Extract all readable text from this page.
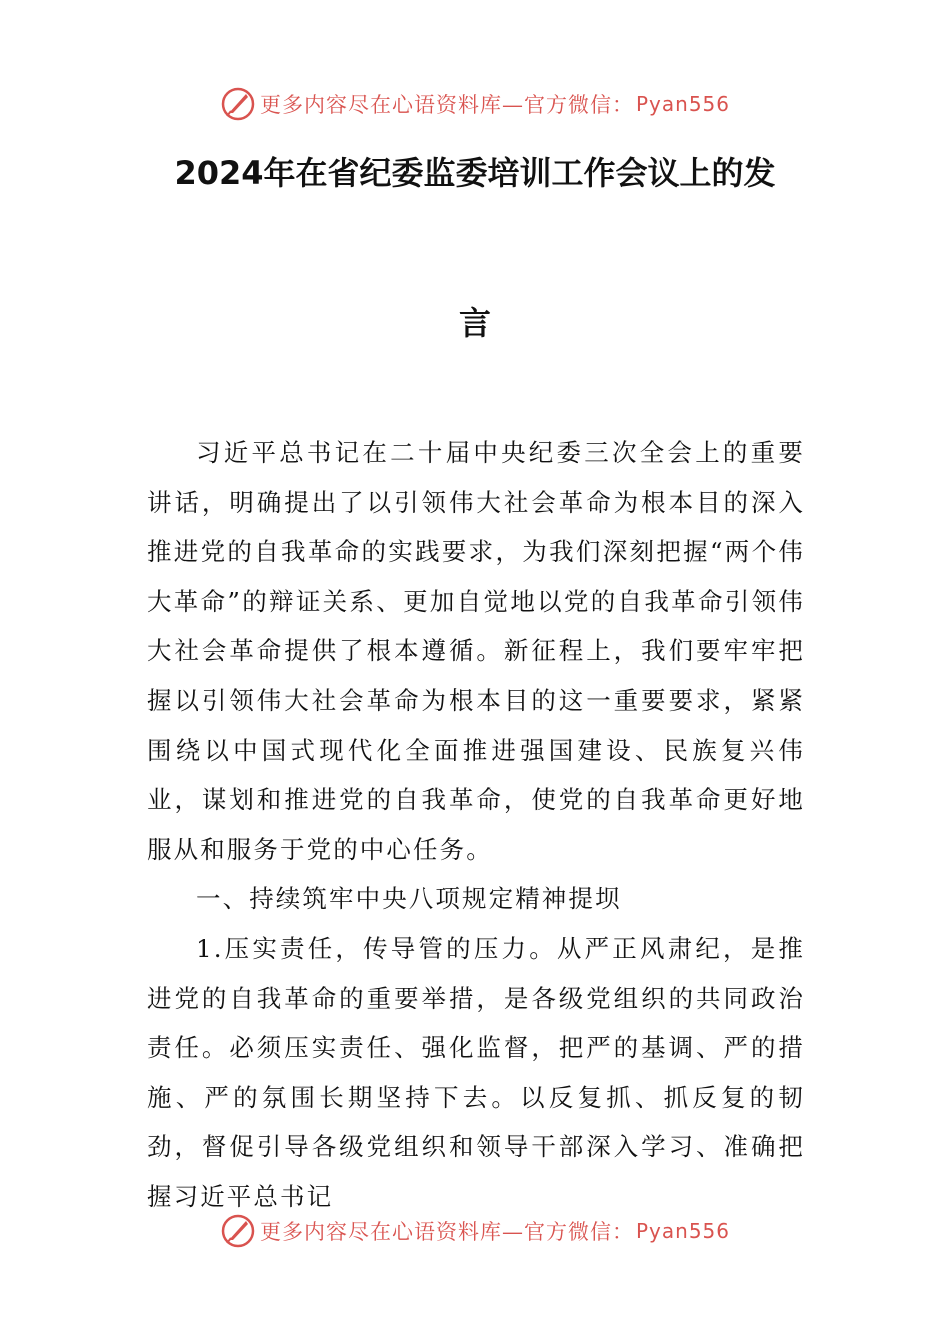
更多内容尽在心语资料库—官方微信： Pyan556
2024年在省纪委监委培训工作会议上的发
言

习近平总书记在二十届中央纪委三次全会上的重要讲话，明确提出了以引领伟大社会革命为根本目的深入推进党的自我革命的实践要求，为我们深刻把握“两个伟大革命”的辩证关系、更加自觉地以党的自我革命引领伟大社会革命提供了根本遵循。新征程上，我们要牢牢把握以引领伟大社会革命为根本目的这一重要要求，紧紧围绕以中国式现代化全面推进强国建设、民族复兴伟业，谋划和推进党的自我革命，使党的自我革命更好地服从和服务于党的中心任务。

一、持续筑牢中央八项规定精神提坝

1.压实责任，传导管的压力。从严正风肃纪，是推进党的自我革命的重要举措，是各级党组织的共同政治责任。必须压实责任、强化监督，把严的基调、严的措施、严的氛围长期坚持下去。以反复抓、抓反复的韧劲，督促引导各级党组织和领导干部深入学习、准确把握习近平总书记

更多内容尽在心语资料库—官方微信： Pyan556
